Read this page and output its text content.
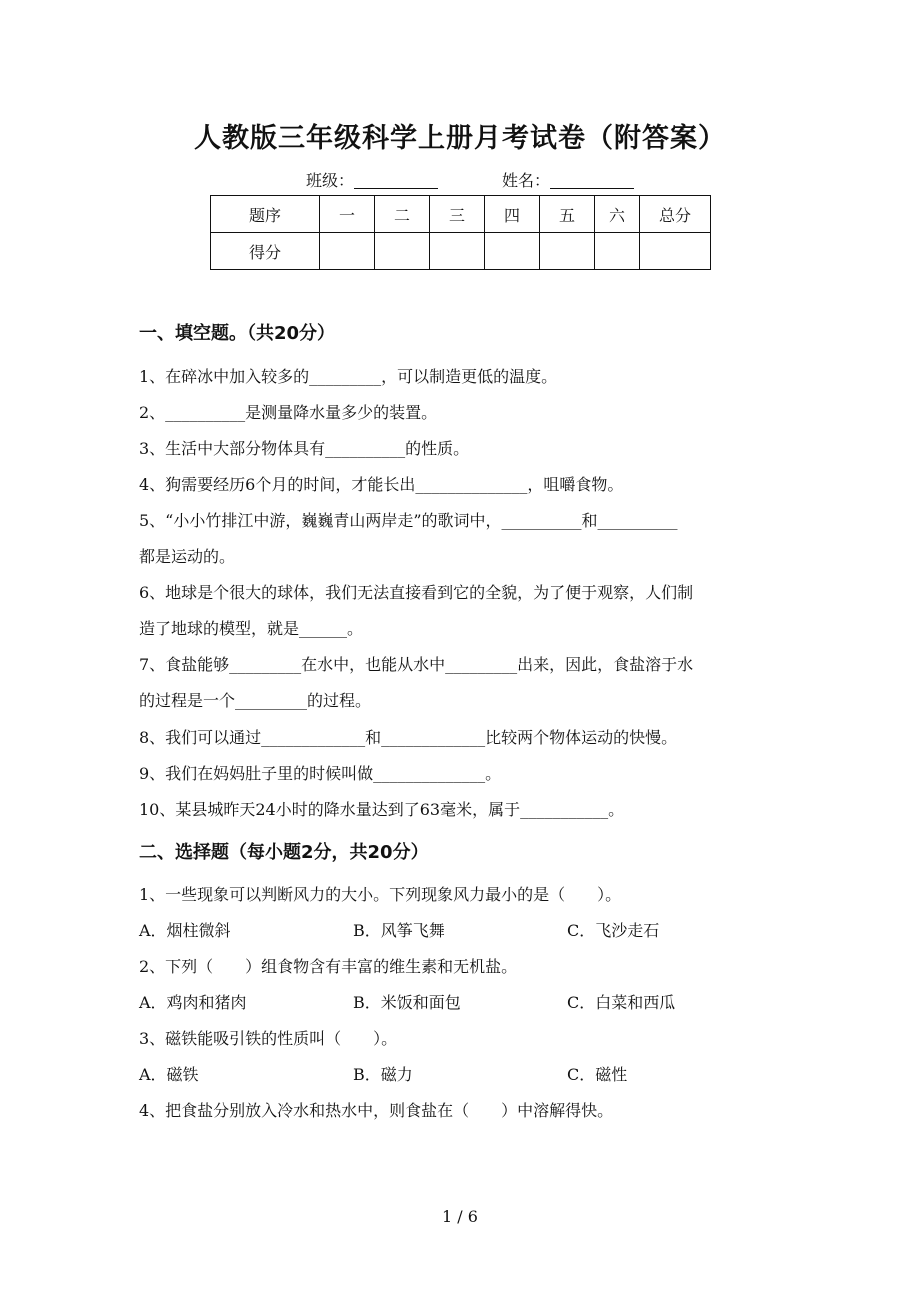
人教版三年级科学上册月考试卷（附答案）
班级：	姓名：
题序	一	二	三	四	五	六	总分
得分							
一、填空题。（共20分）
1、在碎冰中加入较多的_________，可以制造更低的温度。
2、__________是测量降水量多少的装置。
3、生活中大部分物体具有__________的性质。
4、狗需要经历6个月的时间，才能长出______________，咀嚼食物。
5、“小小竹排江中游，巍巍青山两岸走”的歌词中，__________和__________
都是运动的。
6、地球是个很大的球体，我们无法直接看到它的全貌，为了便于观察，人们制
造了地球的模型，就是______。
7、食盐能够_________在水中，也能从水中_________出来，因此，食盐溶于水
的过程是一个_________的过程。
8、我们可以通过_____________和_____________比较两个物体运动的快慢。
9、我们在妈妈肚子里的时候叫做______________。
10、某县城昨天24小时的降水量达到了63毫米，属于___________。
二、选择题（每小题2分，共20分）
1、一些现象可以判断风力的大小。下列现象风力最小的是（　　）。
A．烟柱微斜	B．风筝飞舞	C．飞沙走石
2、下列（　　）组食物含有丰富的维生素和无机盐。
A．鸡肉和猪肉	B．米饭和面包	C．白菜和西瓜
3、磁铁能吸引铁的性质叫（　　）。
A．磁铁	B．磁力	C．磁性
4、把食盐分别放入冷水和热水中，则食盐在（　　）中溶解得快。
1 / 6
